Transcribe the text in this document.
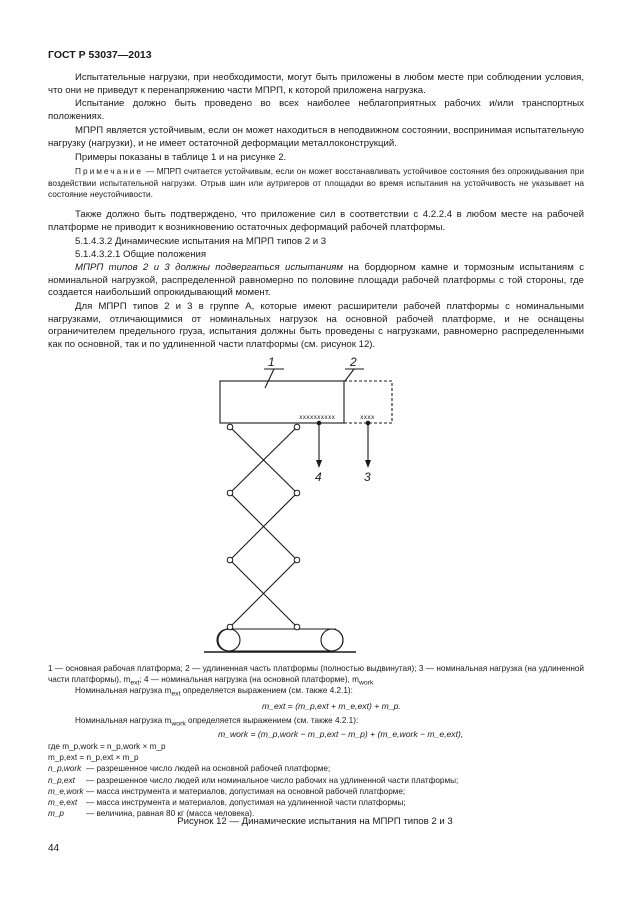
ГОСТ Р 53037—2013
Испытательные нагрузки, при необходимости, могут быть приложены в любом месте при соблюдении условия, что они не приведут к перенапряжению части МПРП, к которой приложена нагрузка.
Испытание должно быть проведено во всех наиболее неблагоприятных рабочих и/или транспортных положениях.
МПРП является устойчивым, если он может находиться в неподвижном состоянии, воспринимая испытательную нагрузку (нагрузки), и не имеет остаточной деформации металлоконструкций.
Примеры показаны в таблице 1 и на рисунке 2.
Примечание — МПРП считается устойчивым, если он может восстанавливать устойчивое состояния без опрокидывания при воздействии испытательной нагрузки. Отрыв шин или аутригеров от площадки во время испытания на устойчивость не указывает на состояние неустойчивости.
Также должно быть подтверждено, что приложение сил в соответствии с 4.2.2.4 в любом месте на рабочей платформе не приводит к возникновению остаточных деформаций рабочей платформы.
5.1.4.3.2 Динамические испытания на МПРП типов 2 и 3
5.1.4.3.2.1 Общие положения
МПРП типов 2 и 3 должны подвергаться испытаниям на бордюрном камне и тормозным испытаниям с номинальной нагрузкой, распределенной равномерно по половине площади рабочей платформы с той стороны, где создается наибольший опрокидывающий момент.
Для МПРП типов 2 и 3 в группе А, которые имеют расширители рабочей платформы с номинальными нагрузками, отличающимися от номинальных нагрузок на основной рабочей платформе, и не оснащены ограничителем предельного груза, испытания должны быть проведены с нагрузками, равномерно распределенными как по основной, так и по удлиненной части платформы (см. рисунок 12).
xxxxxxxxxx	xxxx
1	2
4	3
1 — основная рабочая платформа; 2 — удлиненная часть платформы (полностью выдвинутая); 3 — номинальная нагрузка (на удлиненной части платформы), $m_{ext}$; 4 — номинальная нагрузка (на основной платформе), $m_{work}$
Номинальная нагрузка $m_{ext}$ определяется выражением (см. также 4.2.1):
m_ext = (m_p,ext + m_e,ext) + m_p.
Номинальная нагрузка $m_{work}$ определяется выражением (см. также 4.2.1):
m_work = (m_p,work − m_p,ext − m_p) + (m_e,work − m_e,ext),
где m_p,work = n_p,work × m_p
m_p,ext = n_p,ext × m_p
n_p,work — разрешенное число людей на основной рабочей платформе;
n_p,ext	— разрешенное число людей или номинальное число рабочих на удлиненной части платформы;
m_e,work — масса инструмента и материалов, допустимая на основной рабочей платформе;
m_e,ext	— масса инструмента и материалов, допустимая на удлиненной части платформы;
m_p	— величина, равная 80 кг (масса человека).
Рисунок 12 — Динамические испытания на МПРП типов 2 и 3
44
